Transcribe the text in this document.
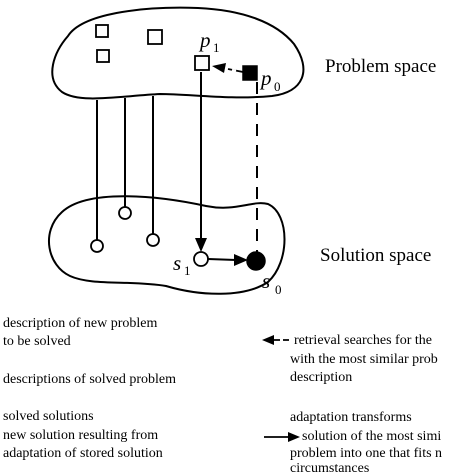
p 1
p 0
s 1	s 0
Problem space
Solution space
description of new problem
to be solved
descriptions of solved problem
solved solutions
new solution resulting from
adaptation of stored solution
retrieval searches for the
with the most similar prob
description
adaptation transforms
solution of the most simi
problem into one that fits n
circumstances
